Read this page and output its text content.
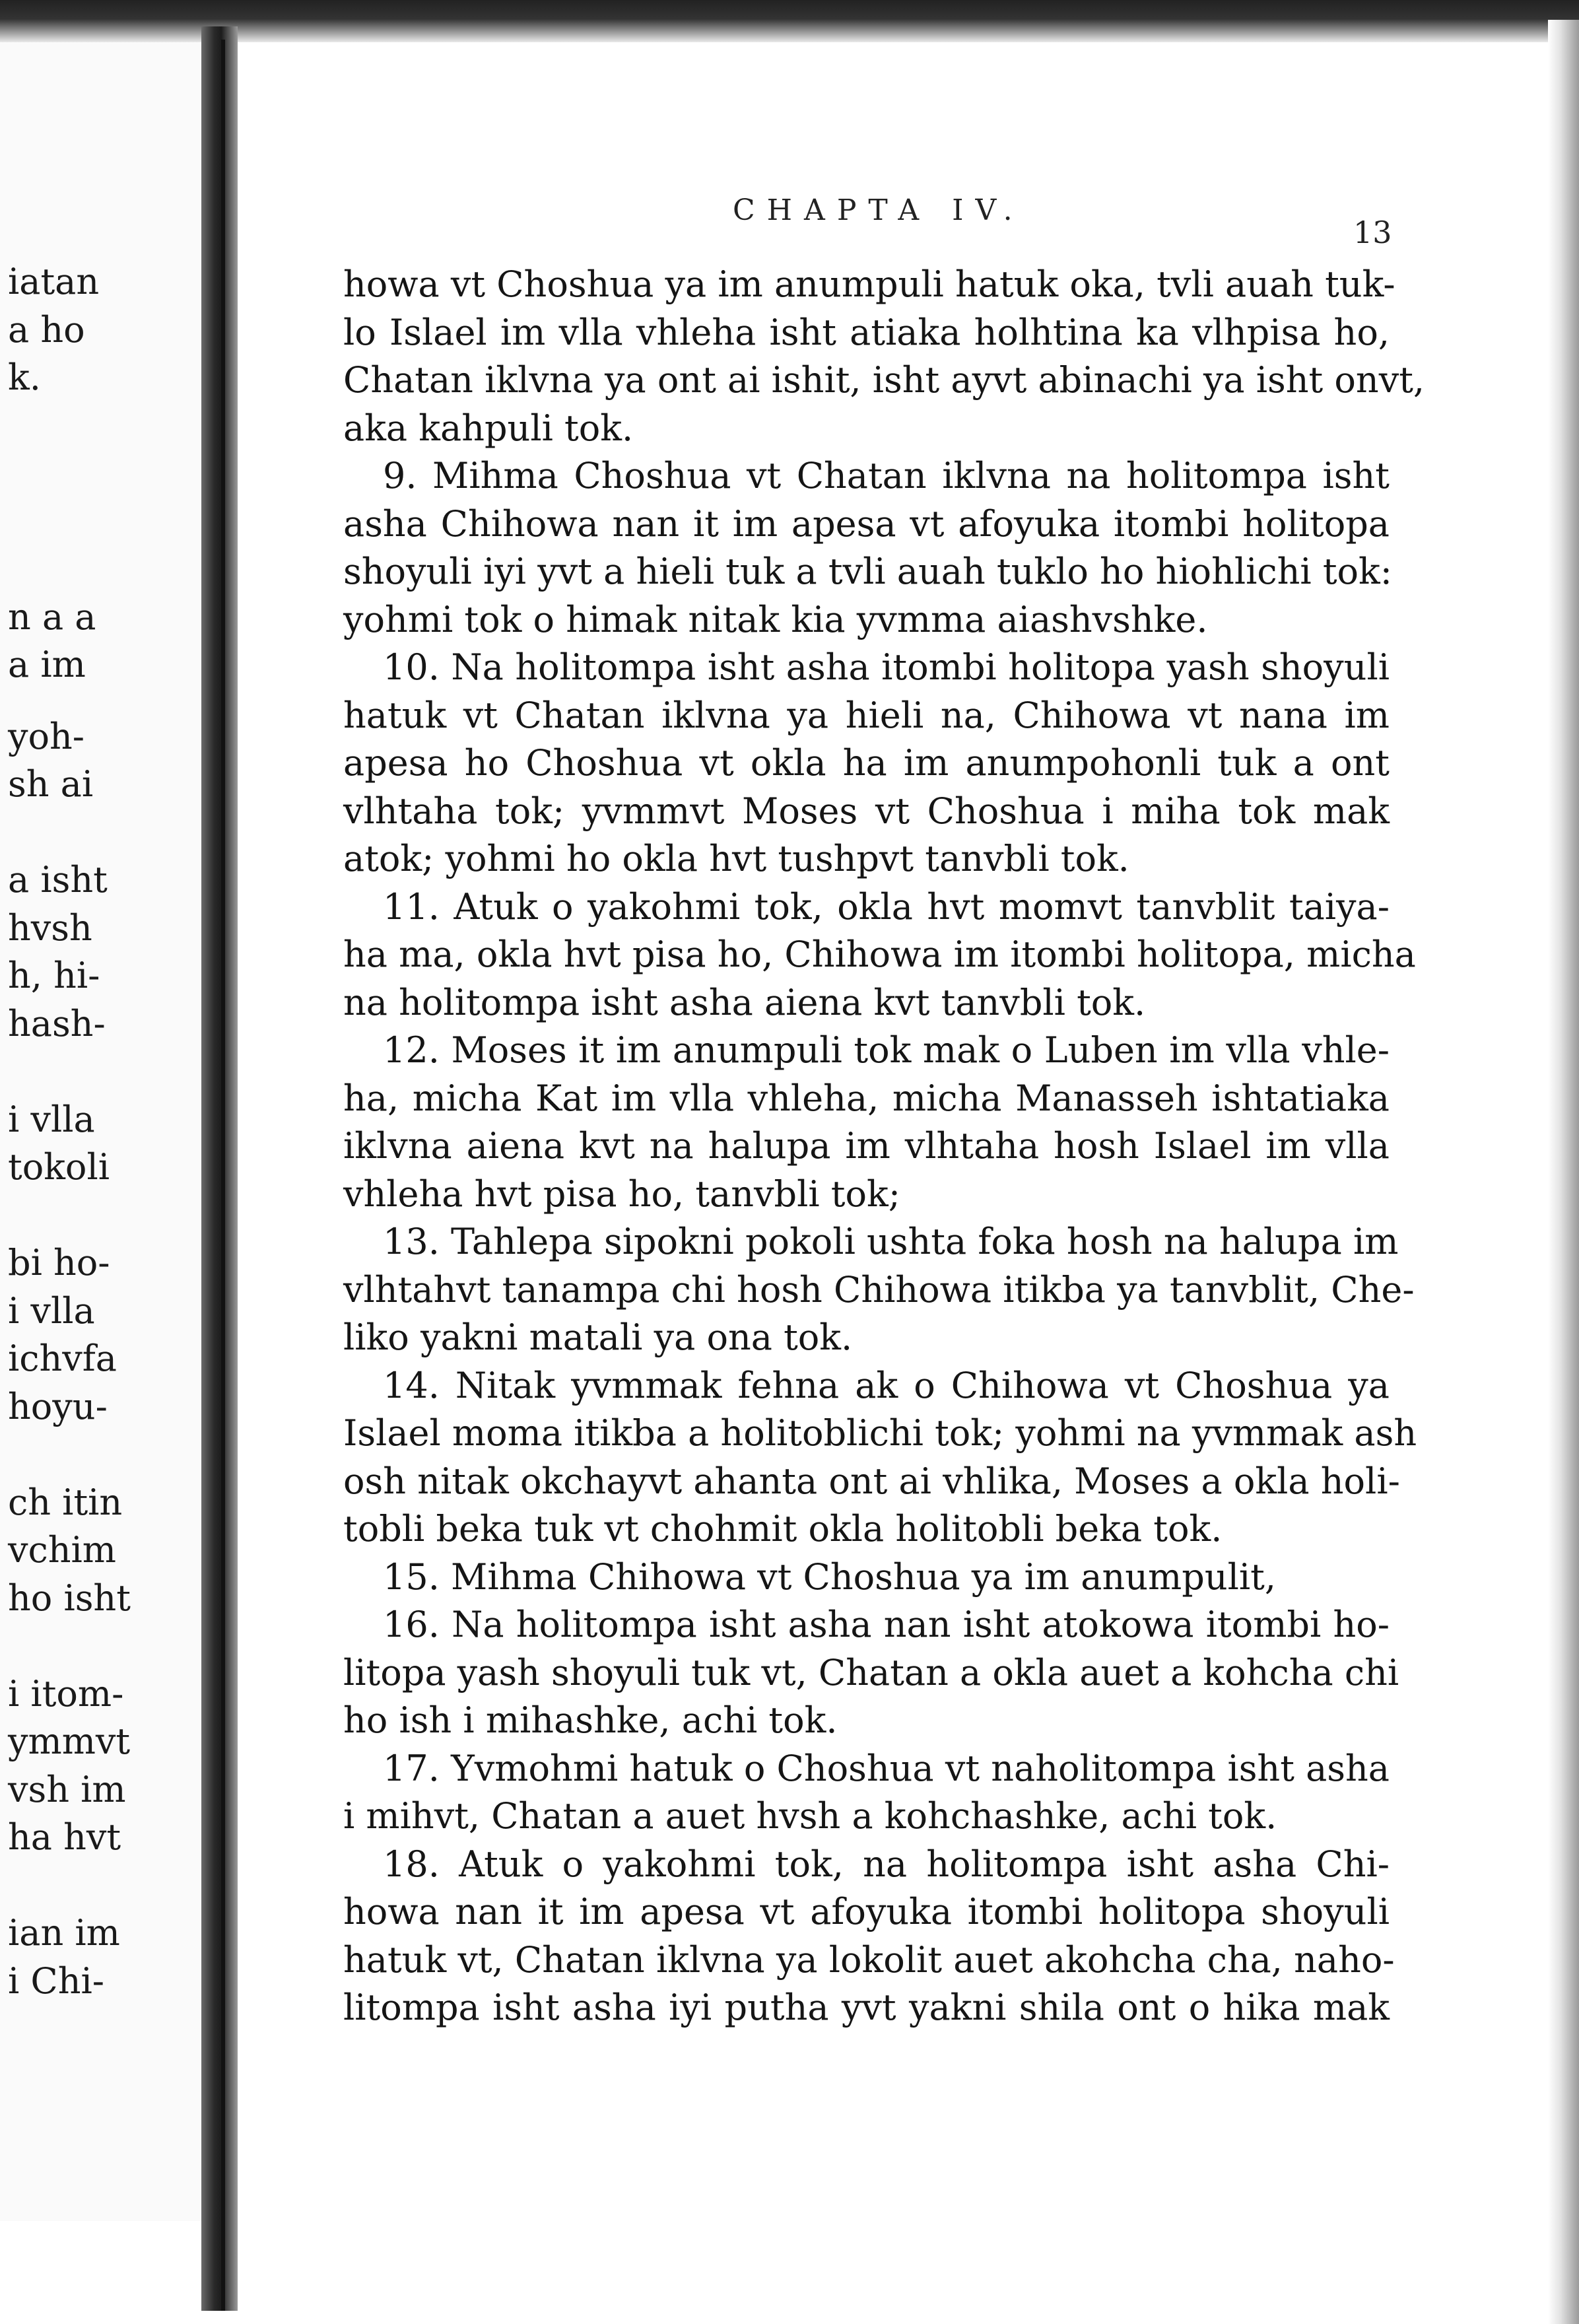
iatan
a ho
k.
n a a
a im
yoh-
sh ai
a isht
hvsh
h, hi-
hash-
i vlla
tokoli
bi ho-
i vlla
ichvfa
hoyu-
ch itin
vchim
ho isht
i itom-
ymmvt
vsh im
ha hvt
ian im
i Chi-
CHAPTA IV.
13
howa vt Choshua ya im anumpuli hatuk oka, tvli auah tuk-
lo Islael im vlla vhleha isht atiaka holhtina ka vlhpisa ho,
Chatan iklvna ya ont ai ishit, isht ayvt abinachi ya isht onvt,
aka kahpuli tok.
9. Mihma Choshua vt Chatan iklvna na holitompa isht
asha Chihowa nan it im apesa vt afoyuka itombi holitopa
shoyuli iyi yvt a hieli tuk a tvli auah tuklo ho hiohlichi tok:
yohmi tok o himak nitak kia yvmma aiashvshke.
10. Na holitompa isht asha itombi holitopa yash shoyuli
hatuk vt Chatan iklvna ya hieli na, Chihowa vt nana im
apesa ho Choshua vt okla ha im anumpohonli tuk a ont
vlhtaha tok; yvmmvt Moses vt Choshua i miha tok mak
atok; yohmi ho okla hvt tushpvt tanvbli tok.
11. Atuk o yakohmi tok, okla hvt momvt tanvblit taiya-
ha ma, okla hvt pisa ho, Chihowa im itombi holitopa, micha
na holitompa isht asha aiena kvt tanvbli tok.
12. Moses it im anumpuli tok mak o Luben im vlla vhle-
ha, micha Kat im vlla vhleha, micha Manasseh ishtatiaka
iklvna aiena kvt na halupa im vlhtaha hosh Islael im vlla
vhleha hvt pisa ho, tanvbli tok;
13. Tahlepa sipokni pokoli ushta foka hosh na halupa im
vlhtahvt tanampa chi hosh Chihowa itikba ya tanvblit, Che-
liko yakni matali ya ona tok.
14. Nitak yvmmak fehna ak o Chihowa vt Choshua ya
Islael moma itikba a holitoblichi tok; yohmi na yvmmak ash
osh nitak okchayvt ahanta ont ai vhlika, Moses a okla holi-
tobli beka tuk vt chohmit okla holitobli beka tok.
15. Mihma Chihowa vt Choshua ya im anumpulit,
16. Na holitompa isht asha nan isht atokowa itombi ho-
litopa yash shoyuli tuk vt, Chatan a okla auet a kohcha chi
ho ish i mihashke, achi tok.
17. Yvmohmi hatuk o Choshua vt naholitompa isht asha
i mihvt, Chatan a auet hvsh a kohchashke, achi tok.
18. Atuk o yakohmi tok, na holitompa isht asha Chi-
howa nan it im apesa vt afoyuka itombi holitopa shoyuli
hatuk vt, Chatan iklvna ya lokolit auet akohcha cha, naho-
litompa isht asha iyi putha yvt yakni shila ont o hika mak
